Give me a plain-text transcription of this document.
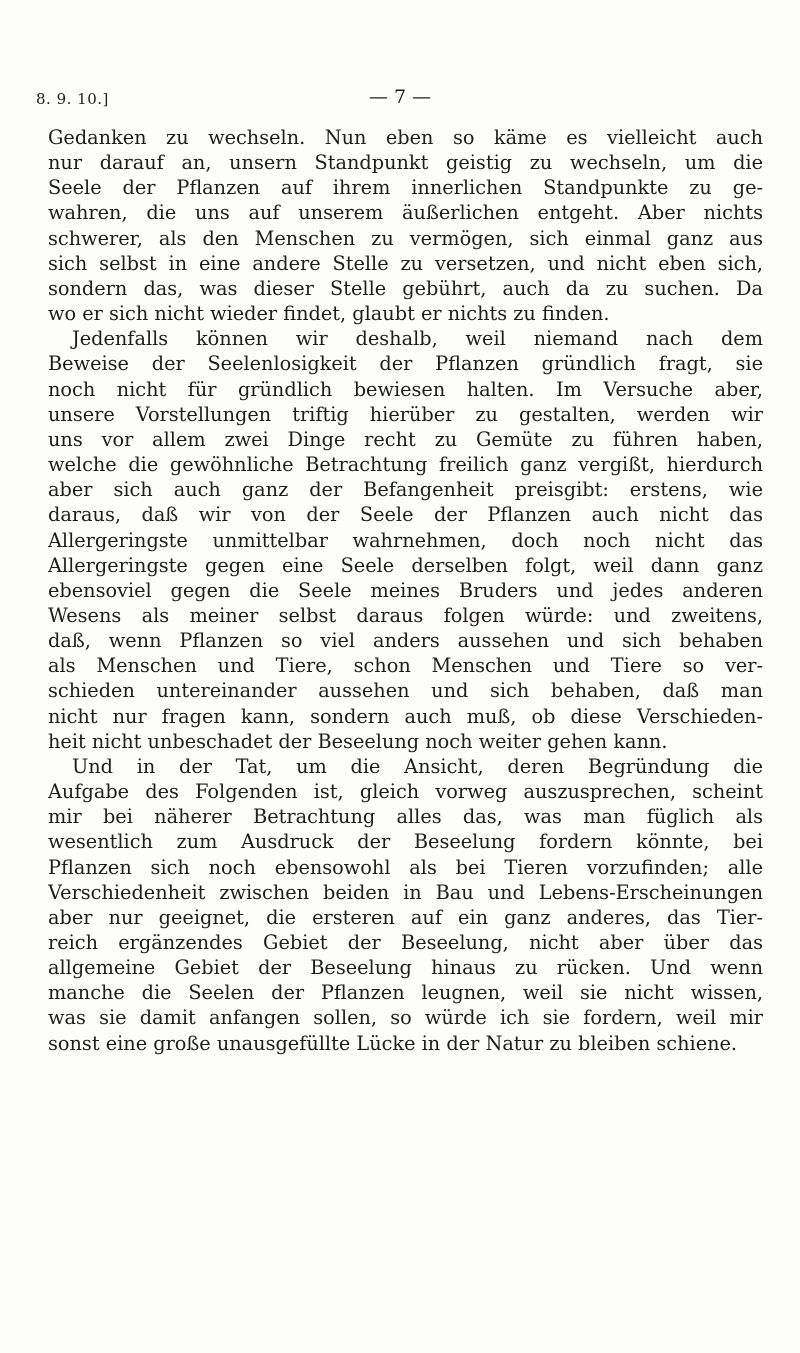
8. 9. 10.]	— 7 —
Gedanken zu wechseln. Nun eben so käme es vielleicht auch
nur darauf an, unsern Standpunkt geistig zu wechseln, um die
Seele der Pflanzen auf ihrem innerlichen Standpunkte zu ge-
wahren, die uns auf unserem äußerlichen entgeht. Aber nichts
schwerer, als den Menschen zu vermögen, sich einmal ganz aus
sich selbst in eine andere Stelle zu versetzen, und nicht eben sich,
sondern das, was dieser Stelle gebührt, auch da zu suchen. Da
wo er sich nicht wieder findet, glaubt er nichts zu finden.
Jedenfalls können wir deshalb, weil niemand nach dem
Beweise der Seelenlosigkeit der Pflanzen gründlich fragt, sie
noch nicht für gründlich bewiesen halten. Im Versuche aber,
unsere Vorstellungen triftig hierüber zu gestalten, werden wir
uns vor allem zwei Dinge recht zu Gemüte zu führen haben,
welche die gewöhnliche Betrachtung freilich ganz vergißt, hierdurch
aber sich auch ganz der Befangenheit preisgibt: erstens, wie
daraus, daß wir von der Seele der Pflanzen auch nicht das
Allergeringste unmittelbar wahrnehmen, doch noch nicht das
Allergeringste gegen eine Seele derselben folgt, weil dann ganz
ebensoviel gegen die Seele meines Bruders und jedes anderen
Wesens als meiner selbst daraus folgen würde: und zweitens,
daß, wenn Pflanzen so viel anders aussehen und sich behaben
als Menschen und Tiere, schon Menschen und Tiere so ver-
schieden untereinander aussehen und sich behaben, daß man
nicht nur fragen kann, sondern auch muß, ob diese Verschieden-
heit nicht unbeschadet der Beseelung noch weiter gehen kann.
Und in der Tat, um die Ansicht, deren Begründung die
Aufgabe des Folgenden ist, gleich vorweg auszusprechen, scheint
mir bei näherer Betrachtung alles das, was man füglich als
wesentlich zum Ausdruck der Beseelung fordern könnte, bei
Pflanzen sich noch ebensowohl als bei Tieren vorzufinden; alle
Verschiedenheit zwischen beiden in Bau und Lebens-Erscheinungen
aber nur geeignet, die ersteren auf ein ganz anderes, das Tier-
reich ergänzendes Gebiet der Beseelung, nicht aber über das
allgemeine Gebiet der Beseelung hinaus zu rücken. Und wenn
manche die Seelen der Pflanzen leugnen, weil sie nicht wissen,
was sie damit anfangen sollen, so würde ich sie fordern, weil mir
sonst eine große unausgefüllte Lücke in der Natur zu bleiben schiene.
